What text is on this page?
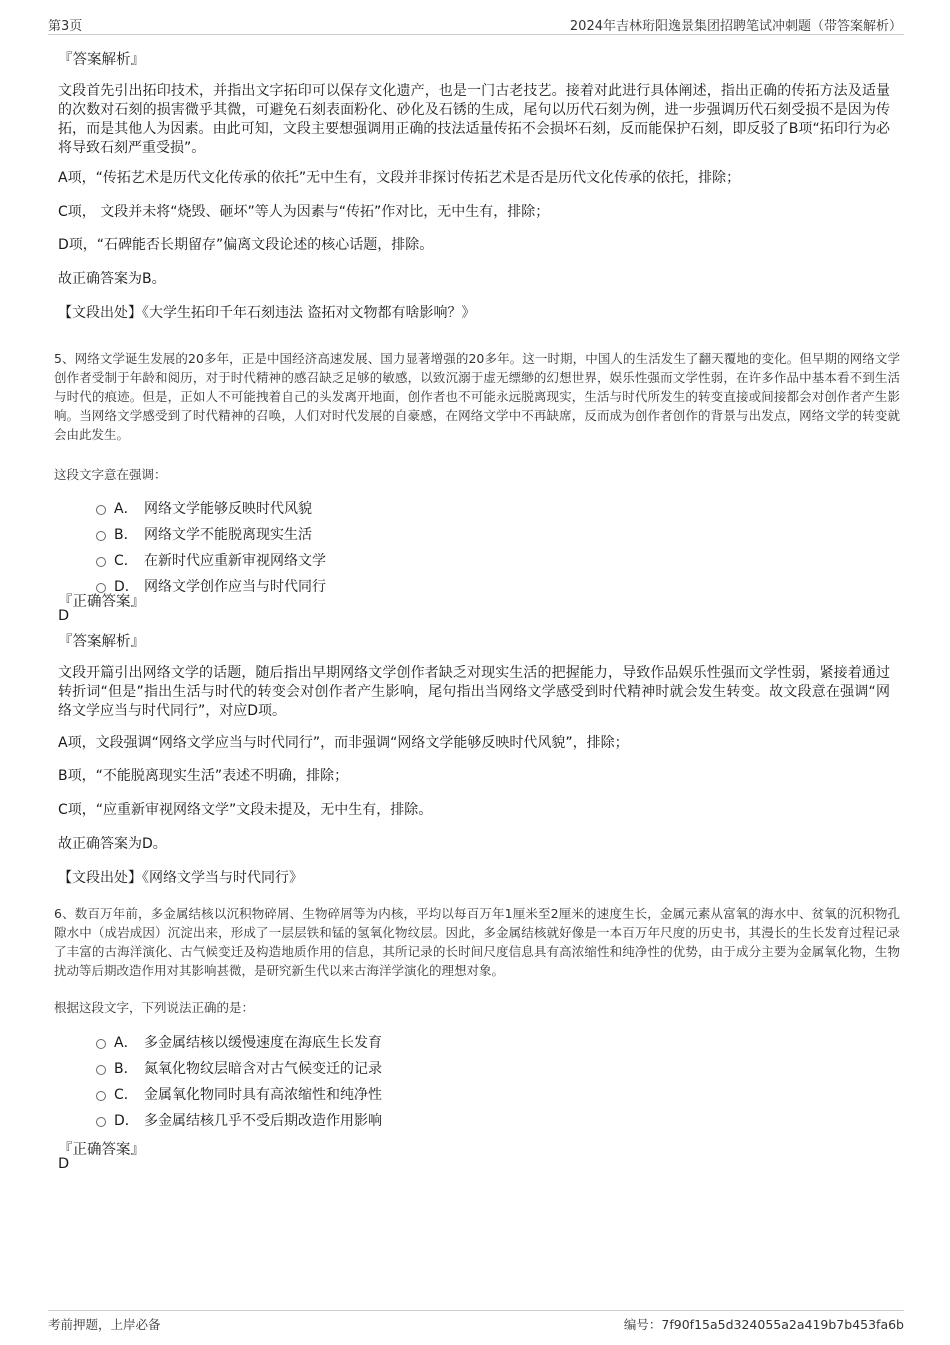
第3页	2024年吉林珩阳逸景集团招聘笔试冲刺题（带答案解析）
『答案解析』
文段首先引出拓印技术，并指出文字拓印可以保存文化遗产，也是一门古老技艺。接着对此进行具体阐述，指出正确的传拓方法及适量的次数对石刻的损害微乎其微，可避免石刻表面粉化、砂化及石锈的生成，尾句以历代石刻为例，进一步强调历代石刻受损不是因为传拓，而是其他人为因素。由此可知，文段主要想强调用正确的技法适量传拓不会损坏石刻，反而能保护石刻，即反驳了B项“拓印行为必将导致石刻严重受损”。
A项，“传拓艺术是历代文化传承的依托”无中生有，文段并非探讨传拓艺术是否是历代文化传承的依托，排除；
C项， 文段并未将“烧毁、砸坏”等人为因素与“传拓”作对比，无中生有，排除；
D项，“石碑能否长期留存”偏离文段论述的核心话题，排除。
故正确答案为B。
【文段出处】《大学生拓印千年石刻违法 盗拓对文物都有啥影响？》
5、网络文学诞生发展的20多年，正是中国经济高速发展、国力显著增强的20多年。这一时期，中国人的生活发生了翻天覆地的变化。但早期的网络文学创作者受制于年龄和阅历，对于时代精神的感召缺乏足够的敏感，以致沉溺于虚无缥缈的幻想世界，娱乐性强而文学性弱，在许多作品中基本看不到生活与时代的痕迹。但是，正如人不可能拽着自己的头发离开地面，创作者也不可能永远脱离现实，生活与时代所发生的转变直接或间接都会对创作者产生影响。当网络文学感受到了时代精神的召唤，人们对时代发展的自豪感，在网络文学中不再缺席，反而成为创作者创作的背景与出发点，网络文学的转变就会由此发生。
这段文字意在强调：
A． 网络文学能够反映时代风貌
B． 网络文学不能脱离现实生活
C． 在新时代应重新审视网络文学
D． 网络文学创作应当与时代同行
『正确答案』
D
『答案解析』
文段开篇引出网络文学的话题，随后指出早期网络文学创作者缺乏对现实生活的把握能力，导致作品娱乐性强而文学性弱，紧接着通过转折词“但是”指出生活与时代的转变会对创作者产生影响，尾句指出当网络文学感受到时代精神时就会发生转变。故文段意在强调“网络文学应当与时代同行”，对应D项。
A项，文段强调“网络文学应当与时代同行”，而非强调“网络文学能够反映时代风貌”，排除；
B项，“不能脱离现实生活”表述不明确，排除；
C项，“应重新审视网络文学”文段未提及，无中生有，排除。
故正确答案为D。
【文段出处】《网络文学当与时代同行》
6、数百万年前，多金属结核以沉积物碎屑、生物碎屑等为内核，平均以每百万年1厘米至2厘米的速度生长，金属元素从富氧的海水中、贫氧的沉积物孔隙水中（成岩成因）沉淀出来，形成了一层层铁和锰的氢氧化物纹层。因此，多金属结核就好像是一本百万年尺度的历史书，其漫长的生长发育过程记录了丰富的古海洋演化、古气候变迁及构造地质作用的信息，其所记录的长时间尺度信息具有高浓缩性和纯净性的优势，由于成分主要为金属氧化物，生物扰动等后期改造作用对其影响甚微，是研究新生代以来古海洋学演化的理想对象。
根据这段文字，下列说法正确的是：
A． 多金属结核以缓慢速度在海底生长发育
B． 氮氧化物纹层暗含对古气候变迁的记录
C． 金属氧化物同时具有高浓缩性和纯净性
D． 多金属结核几乎不受后期改造作用影响
『正确答案』
D
考前押题，上岸必备	编号：7f90f15a5d324055a2a419b7b453fa6b
